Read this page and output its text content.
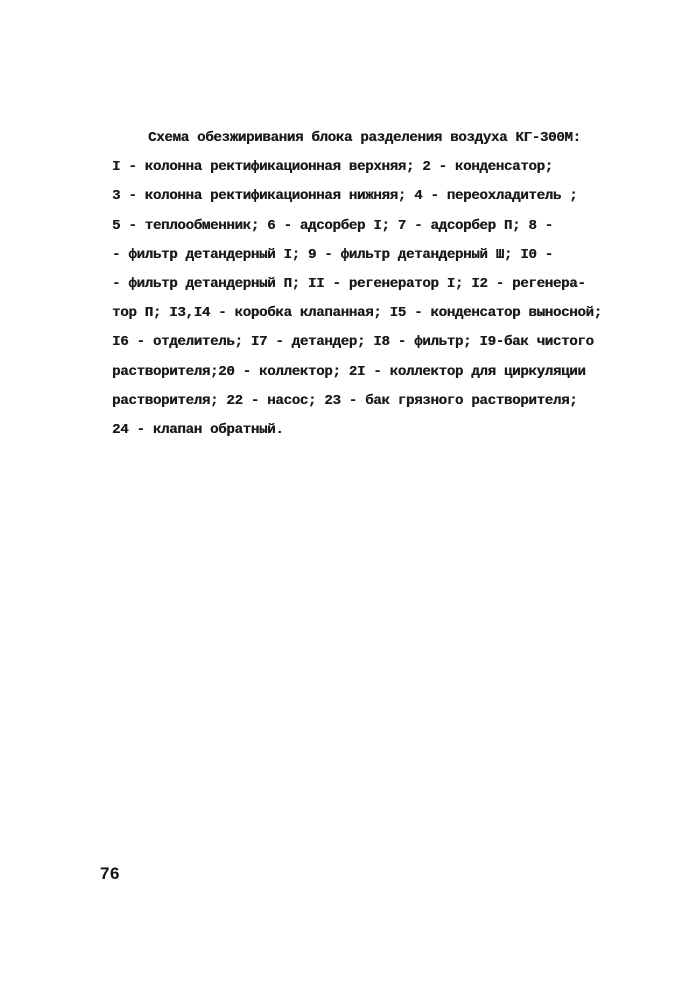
Схема обезжиривания блока разделения воздуха КГ-300М:
I - колонна ректификационная верхняя; 2 - конденсатор;
3 - колонна ректификационная нижняя; 4 - переохладитель ;
5 - теплообменник; 6 - адсорбер I; 7 - адсорбер П; 8 -
- фильтр детандерный I; 9 - фильтр детандерный Ш; I0 -
- фильтр детандерный П; II - регенератор I; I2 - регенера-
тор П; I3,I4 - коробка клапанная; I5 - конденсатор выносной;
I6 - отделитель; I7 - детандер; I8 - фильтр; I9-бак чистого
растворителя;20 - коллектор; 2I - коллектор для циркуляции
растворителя; 22 - насос; 23 - бак грязного растворителя;
24 - клапан обратный.
76
